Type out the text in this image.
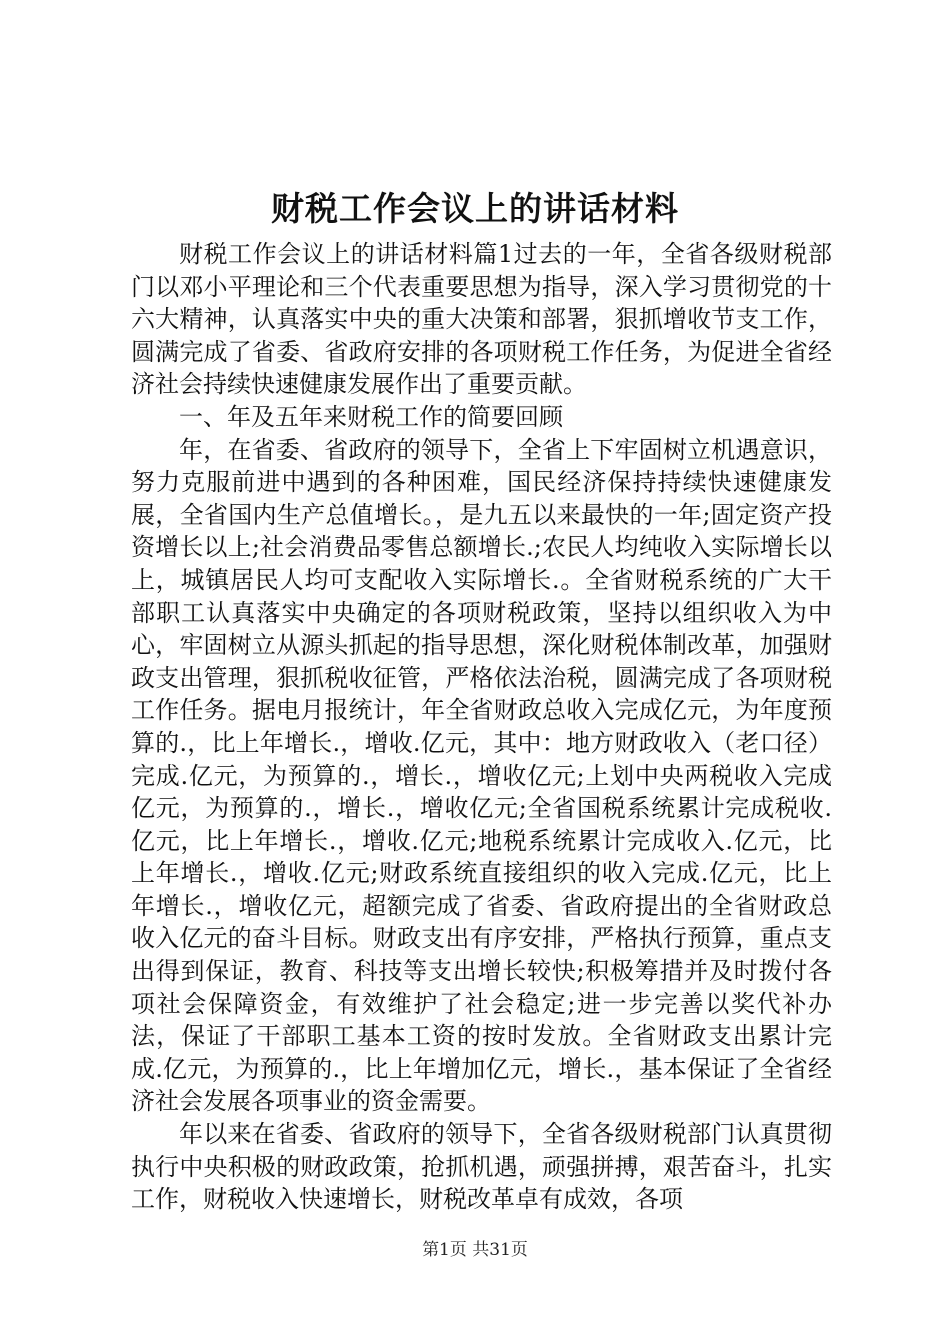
财税工作会议上的讲话材料

财税工作会议上的讲话材料篇1过去的一年，全省各级财税部门以邓小平理论和三个代表重要思想为指导，深入学习贯彻党的十六大精神，认真落实中央的重大决策和部署，狠抓增收节支工作，圆满完成了省委、省政府安排的各项财税工作任务，为促进全省经济社会持续快速健康发展作出了重要贡献。

一、年及五年来财税工作的简要回顾

年，在省委、省政府的领导下，全省上下牢固树立机遇意识，努力克服前进中遇到的各种困难，国民经济保持持续快速健康发展，全省国内生产总值增长。，是九五以来最快的一年;固定资产投资增长以上;社会消费品零售总额增长.;农民人均纯收入实际增长以上，城镇居民人均可支配收入实际增长.。全省财税系统的广大干部职工认真落实中央确定的各项财税政策，坚持以组织收入为中心，牢固树立从源头抓起的指导思想，深化财税体制改革，加强财政支出管理，狠抓税收征管，严格依法治税，圆满完成了各项财税工作任务。据电月报统计，年全省财政总收入完成亿元，为年度预算的.，比上年增长.，增收.亿元，其中：地方财政收入（老口径）完成.亿元，为预算的.，增长.，增收亿元;上划中央两税收入完成亿元，为预算的.，增长.，增收亿元;全省国税系统累计完成税收.亿元，比上年增长.，增收.亿元;地税系统累计完成收入.亿元，比上年增长.，增收.亿元;财政系统直接组织的收入完成.亿元，比上年增长.，增收亿元，超额完成了省委、省政府提出的全省财政总收入亿元的奋斗目标。财政支出有序安排，严格执行预算，重点支出得到保证，教育、科技等支出增长较快;积极筹措并及时拨付各项社会保障资金，有效维护了社会稳定;进一步完善以奖代补办法，保证了干部职工基本工资的按时发放。全省财政支出累计完成.亿元，为预算的.，比上年增加亿元，增长.，基本保证了全省经济社会发展各项事业的资金需要。

年以来在省委、省政府的领导下，全省各级财税部门认真贯彻执行中央积极的财政政策，抢抓机遇，顽强拼搏，艰苦奋斗，扎实工作，财税收入快速增长，财税改革卓有成效，各项

第1页 共31页
